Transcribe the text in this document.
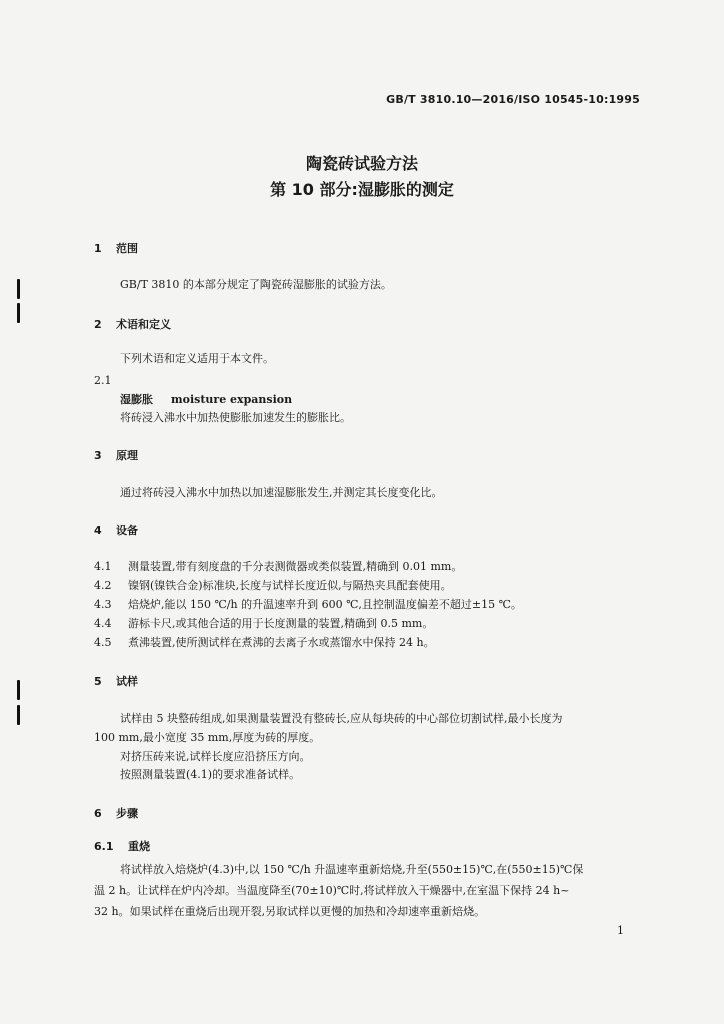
GB/T 3810.10—2016/ISO 10545-10:1995
陶瓷砖试验方法
第 10 部分:湿膨胀的测定
1 范围
GB/T 3810 的本部分规定了陶瓷砖湿膨胀的试验方法。
2 术语和定义
下列术语和定义适用于本文件。
2.1
湿膨胀 moisture expansion
将砖浸入沸水中加热使膨胀加速发生的膨胀比。
3 原理
通过将砖浸入沸水中加热以加速湿膨胀发生,并测定其长度变化比。
4 设备
4.1 测量装置,带有刻度盘的千分表测微器或类似装置,精确到 0.01 mm。
4.2 镍钢(镍铁合金)标准块,长度与试样长度近似,与隔热夹具配套使用。
4.3 焙烧炉,能以 150 ℃/h 的升温速率升到 600 ℃,且控制温度偏差不超过±15 ℃。
4.4 游标卡尺,或其他合适的用于长度测量的装置,精确到 0.5 mm。
4.5 煮沸装置,使所测试样在煮沸的去离子水或蒸馏水中保持 24 h。
5 试样
试样由 5 块整砖组成,如果测量装置没有整砖长,应从每块砖的中心部位切割试样,最小长度为
100 mm,最小宽度 35 mm,厚度为砖的厚度。
对挤压砖来说,试样长度应沿挤压方向。
按照测量装置(4.1)的要求准备试样。
6 步骤
6.1 重烧
将试样放入焙烧炉(4.3)中,以 150 ℃/h 升温速率重新焙烧,升至(550±15)℃,在(550±15)℃保
温 2 h。让试样在炉内冷却。当温度降至(70±10)℃时,将试样放入干燥器中,在室温下保持 24 h~
32 h。如果试样在重烧后出现开裂,另取试样以更慢的加热和冷却速率重新焙烧。
1
